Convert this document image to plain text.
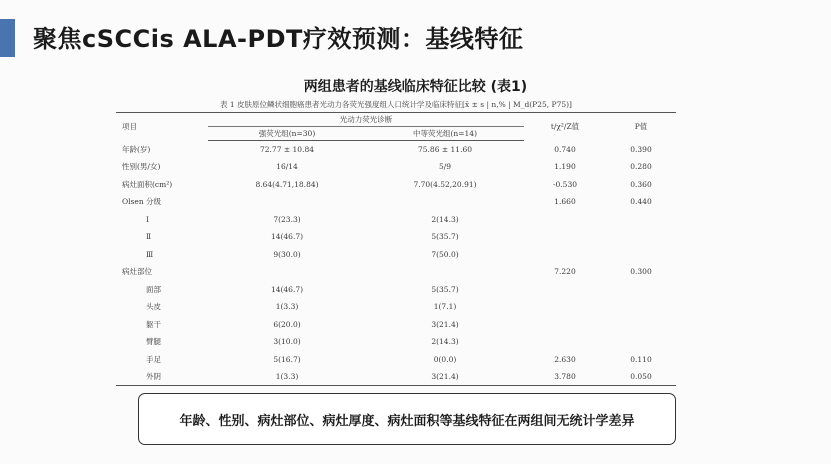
聚焦cSCCis ALA-PDT疗效预测：基线特征
两组患者的基线临床特征比较 (表1)
表 1 皮肤原位鳞状细胞癌患者光动力各荧光强度组人口统计学及临床特征[x̄ ± s | n,% | M_d(P25, P75)]
项目	光动力荧光诊断		t/χ²/Z值	P值
	强荧光组(n=30)	中等荧光组(n=14)		
年龄(岁)	72.77 ± 10.84	75.86 ± 11.60	0.740	0.390
性别(男/女)	16/14	5/9	1.190	0.280
病灶面积(cm²)	8.64(4.71,18.84)	7.70(4.52,20.91)	-0.530	0.360
Olsen 分级			1.660	0.440
Ⅰ	7(23.3)	2(14.3)		
Ⅱ	14(46.7)	5(35.7)		
Ⅲ	9(30.0)	7(50.0)		
病灶部位			7.220	0.300
面部	14(46.7)	5(35.7)		
头皮	1(3.3)	1(7.1)		
躯干	6(20.0)	3(21.4)		
臂腿	3(10.0)	2(14.3)		
手足	5(16.7)	0(0.0)	2.630	0.110
外阴	1(3.3)	3(21.4)	3.780	0.050
年龄、性别、病灶部位、病灶厚度、病灶面积等基线特征在两组间无统计学差异
